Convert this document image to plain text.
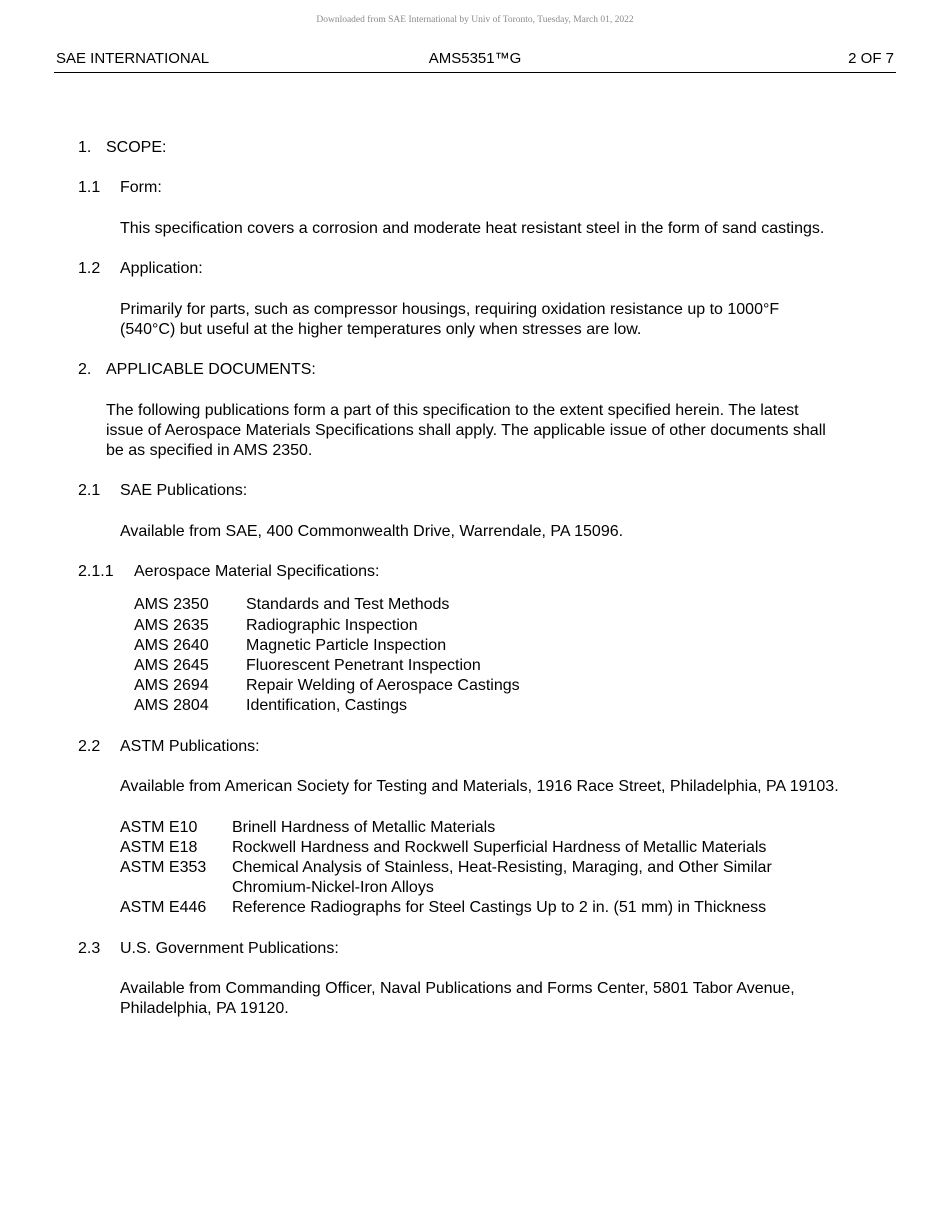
Downloaded from SAE International by Univ of Toronto, Tuesday, March 01, 2022
SAE INTERNATIONAL	AMS5351™G	2 OF 7
1. SCOPE:
1.1	Form:
This specification covers a corrosion and moderate heat resistant steel in the form of sand castings.
1.2	Application:
Primarily for parts, such as compressor housings, requiring oxidation resistance up to 1000°F
(540°C) but useful at the higher temperatures only when stresses are low.
2. APPLICABLE DOCUMENTS:
The following publications form a part of this specification to the extent specified herein. The latest
issue of Aerospace Materials Specifications shall apply. The applicable issue of other documents shall
be as specified in AMS 2350.
2.1	SAE Publications:
Available from SAE, 400 Commonwealth Drive, Warrendale, PA 15096.
2.1.1	Aerospace Material Specifications:
AMS 2350	Standards and Test Methods
AMS 2635	Radiographic Inspection
AMS 2640	Magnetic Particle Inspection
AMS 2645	Fluorescent Penetrant Inspection
AMS 2694	Repair Welding of Aerospace Castings
AMS 2804	Identification, Castings
2.2	ASTM Publications:
Available from American Society for Testing and Materials, 1916 Race Street, Philadelphia, PA 19103.
ASTM E10	Brinell Hardness of Metallic Materials
ASTM E18	Rockwell Hardness and Rockwell Superficial Hardness of Metallic Materials
ASTM E353	Chemical Analysis of Stainless, Heat-Resisting, Maraging, and Other Similar
Chromium-Nickel-Iron Alloys
ASTM E446	Reference Radiographs for Steel Castings Up to 2 in. (51 mm) in Thickness
2.3	U.S. Government Publications:
Available from Commanding Officer, Naval Publications and Forms Center, 5801 Tabor Avenue,
Philadelphia, PA 19120.
